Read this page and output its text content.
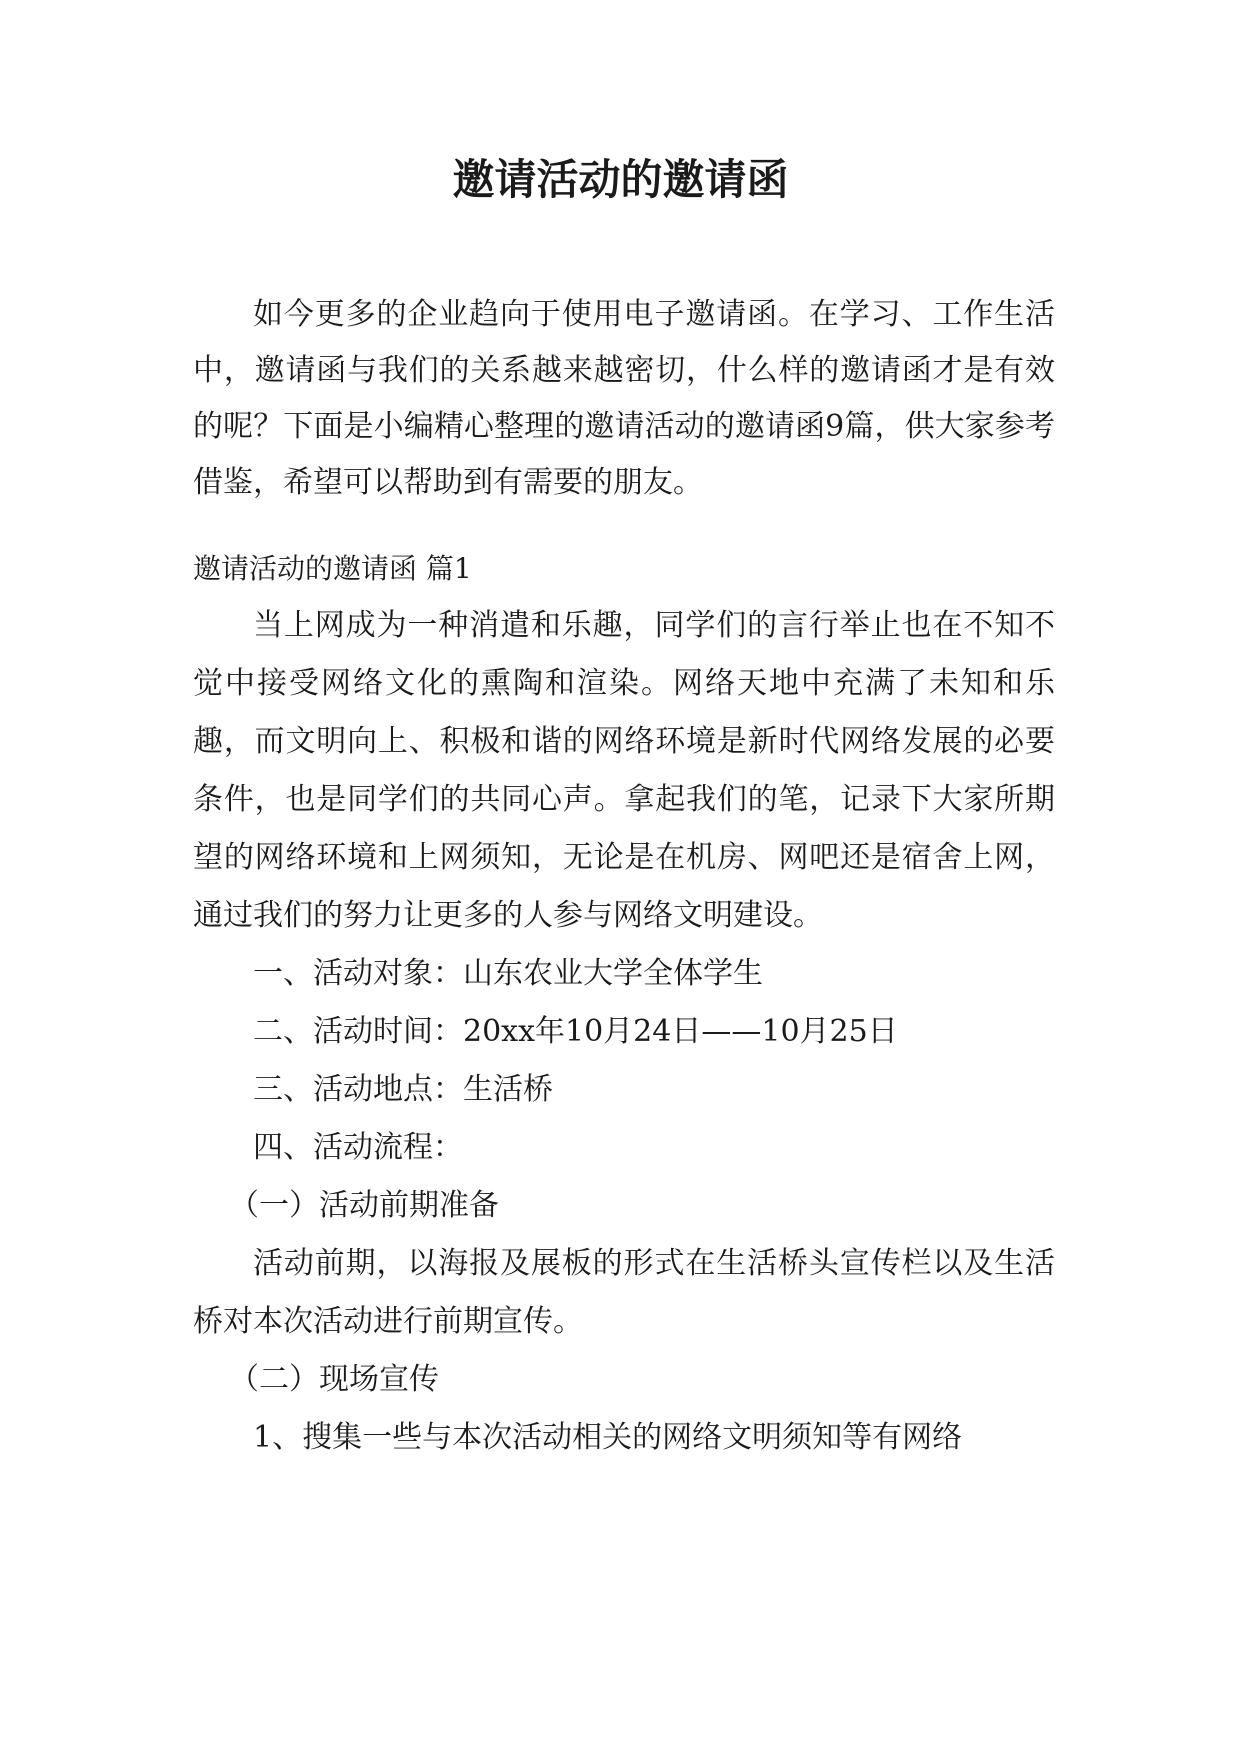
邀请活动的邀请函

如今更多的企业趋向于使用电子邀请函。在学习、工作生活中，邀请函与我们的关系越来越密切，什么样的邀请函才是有效的呢？下面是小编精心整理的邀请活动的邀请函9篇，供大家参考借鉴，希望可以帮助到有需要的朋友。

邀请活动的邀请函 篇1

当上网成为一种消遣和乐趣，同学们的言行举止也在不知不觉中接受网络文化的熏陶和渲染。网络天地中充满了未知和乐趣，而文明向上、积极和谐的网络环境是新时代网络发展的必要条件，也是同学们的共同心声。拿起我们的笔，记录下大家所期望的网络环境和上网须知，无论是在机房、网吧还是宿舍上网，通过我们的努力让更多的人参与网络文明建设。

一、活动对象：山东农业大学全体学生

二、活动时间：20xx年10月24日——10月25日

三、活动地点：生活桥

四、活动流程：

（一）活动前期准备

活动前期，以海报及展板的形式在生活桥头宣传栏以及生活桥对本次活动进行前期宣传。

（二）现场宣传

1、搜集一些与本次活动相关的网络文明须知等有网络
